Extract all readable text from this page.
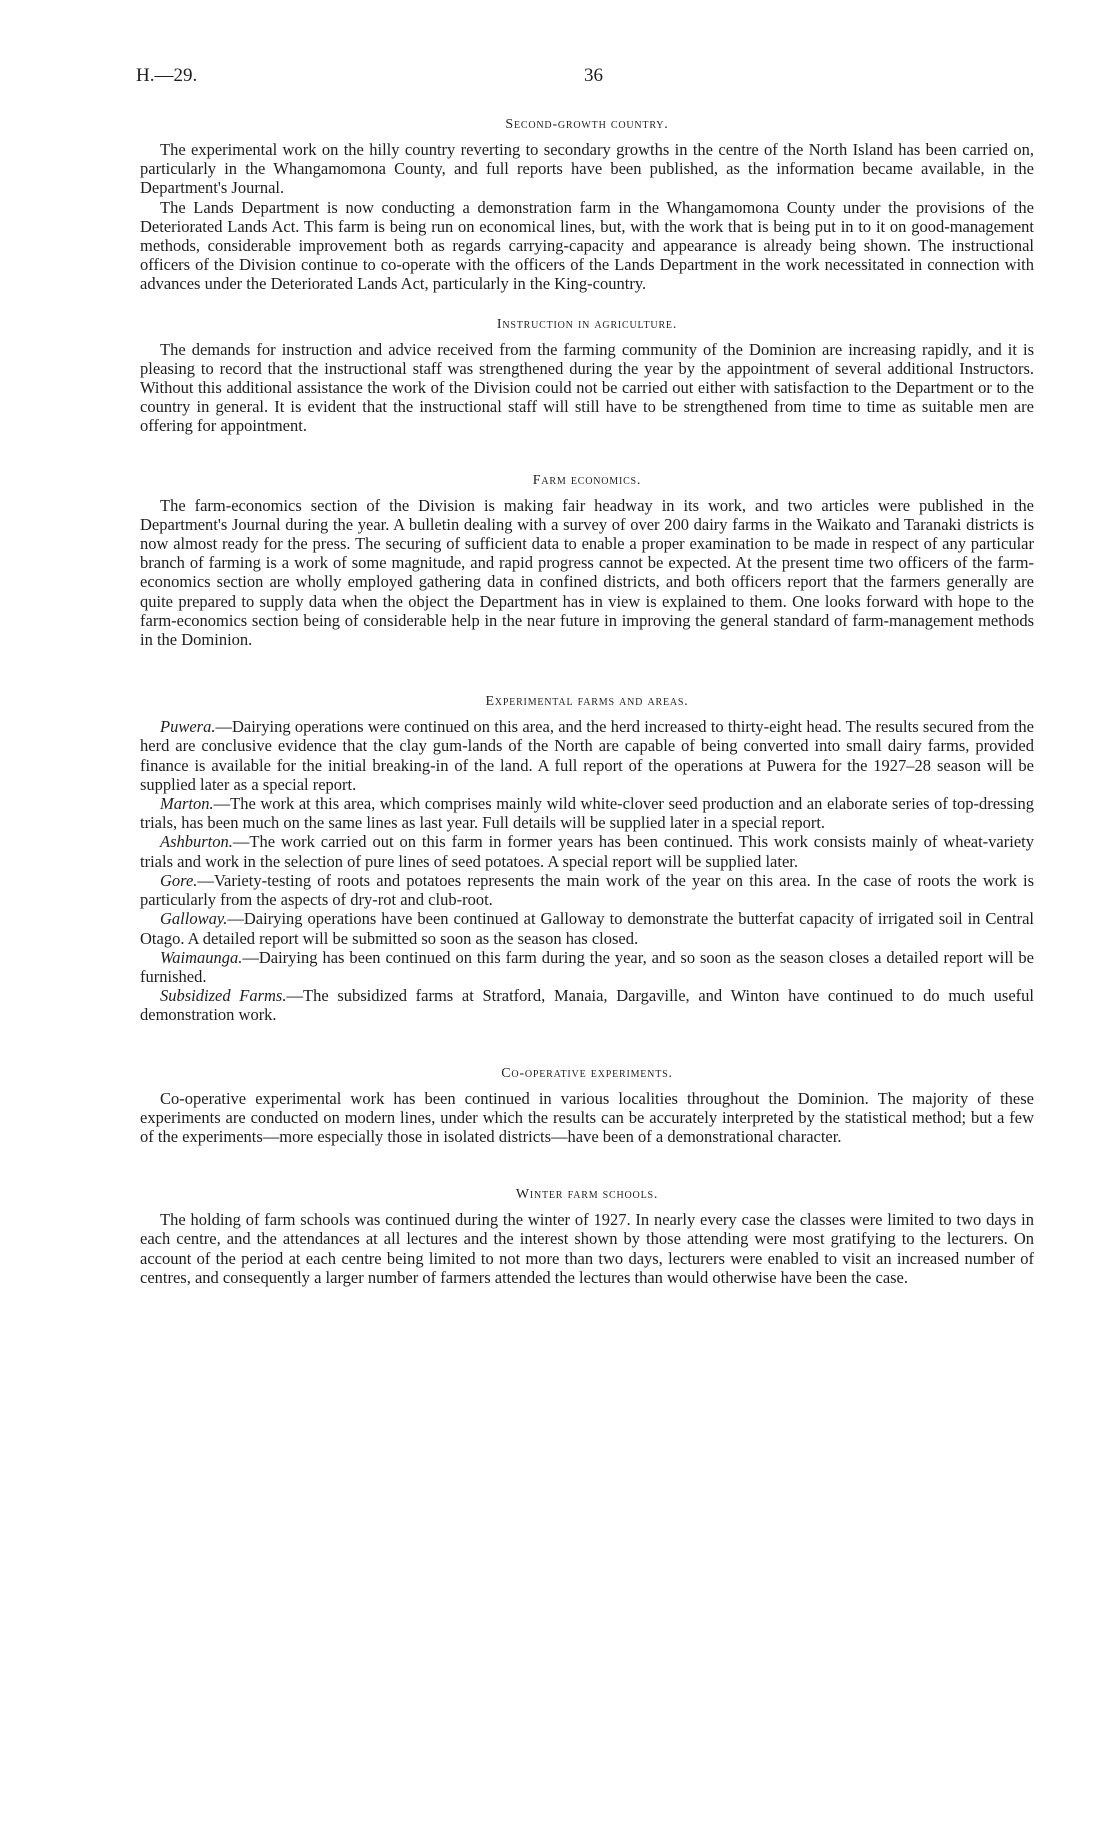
H.—29.	36
Second-growth country.

The experimental work on the hilly country reverting to secondary growths in the centre of the North Island has been carried on, particularly in the Whangamomona County, and full reports have been published, as the information became available, in the Department's Journal.

The Lands Department is now conducting a demonstration farm in the Whangamomona County under the provisions of the Deteriorated Lands Act. This farm is being run on economical lines, but, with the work that is being put in to it on good-management methods, considerable improvement both as regards carrying-capacity and appearance is already being shown. The instructional officers of the Division continue to co-operate with the officers of the Lands Department in the work necessitated in connection with advances under the Deteriorated Lands Act, particularly in the King-country.

Instruction in agriculture.

The demands for instruction and advice received from the farming community of the Dominion are increasing rapidly, and it is pleasing to record that the instructional staff was strengthened during the year by the appointment of several additional Instructors. Without this additional assistance the work of the Division could not be carried out either with satisfaction to the Department or to the country in general. It is evident that the instructional staff will still have to be strengthened from time to time as suitable men are offering for appointment.

Farm economics.

The farm-economics section of the Division is making fair headway in its work, and two articles were published in the Department's Journal during the year. A bulletin dealing with a survey of over 200 dairy farms in the Waikato and Taranaki districts is now almost ready for the press. The securing of sufficient data to enable a proper examination to be made in respect of any particular branch of farming is a work of some magnitude, and rapid progress cannot be expected. At the present time two officers of the farm-economics section are wholly employed gathering data in confined districts, and both officers report that the farmers generally are quite prepared to supply data when the object the Department has in view is explained to them. One looks forward with hope to the farm-economics section being of considerable help in the near future in improving the general standard of farm-management methods in the Dominion.

Experimental farms and areas.

Puwera.—Dairying operations were continued on this area, and the herd increased to thirty-eight head. The results secured from the herd are conclusive evidence that the clay gum-lands of the North are capable of being converted into small dairy farms, provided finance is available for the initial breaking-in of the land. A full report of the operations at Puwera for the 1927–28 season will be supplied later as a special report.

Marton.—The work at this area, which comprises mainly wild white-clover seed production and an elaborate series of top-dressing trials, has been much on the same lines as last year. Full details will be supplied later in a special report.

Ashburton.—The work carried out on this farm in former years has been continued. This work consists mainly of wheat-variety trials and work in the selection of pure lines of seed potatoes. A special report will be supplied later.

Gore.—Variety-testing of roots and potatoes represents the main work of the year on this area. In the case of roots the work is particularly from the aspects of dry-rot and club-root.

Galloway.—Dairying operations have been continued at Galloway to demonstrate the butterfat capacity of irrigated soil in Central Otago. A detailed report will be submitted so soon as the season has closed.

Waimaunga.—Dairying has been continued on this farm during the year, and so soon as the season closes a detailed report will be furnished.

Subsidized Farms.—The subsidized farms at Stratford, Manaia, Dargaville, and Winton have continued to do much useful demonstration work.

Co-operative experiments.

Co-operative experimental work has been continued in various localities throughout the Dominion. The majority of these experiments are conducted on modern lines, under which the results can be accurately interpreted by the statistical method; but a few of the experiments—more especially those in isolated districts—have been of a demonstrational character.

Winter farm schools.

The holding of farm schools was continued during the winter of 1927. In nearly every case the classes were limited to two days in each centre, and the attendances at all lectures and the interest shown by those attending were most gratifying to the lecturers. On account of the period at each centre being limited to not more than two days, lecturers were enabled to visit an increased number of centres, and consequently a larger number of farmers attended the lectures than would otherwise have been the case.
